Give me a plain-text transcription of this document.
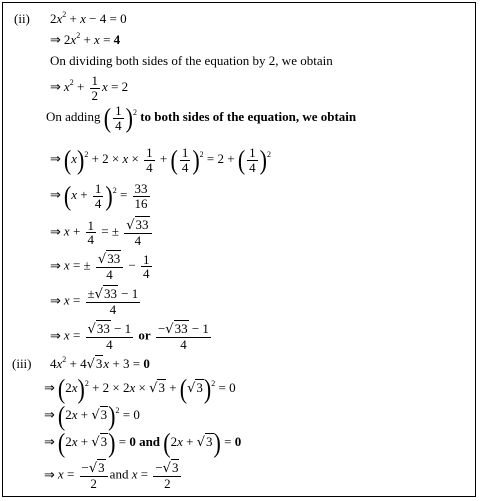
(ii) $2x^2 + x - 4 = 0$
⇒ $2x^2 + x = 4$
On dividing both sides of the equation by 2, we obtain
⇒ $x^2 + \frac{1}{2}$ x = 2
On adding ( $\frac{1}{4} )^2$ to both sides of the equation, we obtain
⇒ $(x)^2 + 2 \times x \times \frac{1}{4}$ + ( $\frac{1}{4} )^2 = 2$ + ( $\frac{1}{4} )^2$
⇒ $(x + \frac{1}{4} )^2 = \frac{33}{16}$
⇒ $x + \frac{1}{4}$ = ± $\frac{√33}{4}$
⇒ x = ± $\frac{√33}{4} - \frac{1}{4}$
⇒ $x = \frac{\pm√33 - 1}{4}$
⇒ $x = \frac{√33 - 1}{4}$ or $\frac{-√33 - 1}{4}$
(iii) $4x^2 + 4√3x + 3 = 0$
⇒ $(2x)^2 + 2 \times 2x \times √3 + (√3)^2 = 0$
⇒ $(2x + √3)^2 = 0$
⇒ (2x + √3) = 0 and (2x + √3) = 0
⇒ $x = \frac{-√3}{2}$ and $x = \frac{-√3}{2}$
